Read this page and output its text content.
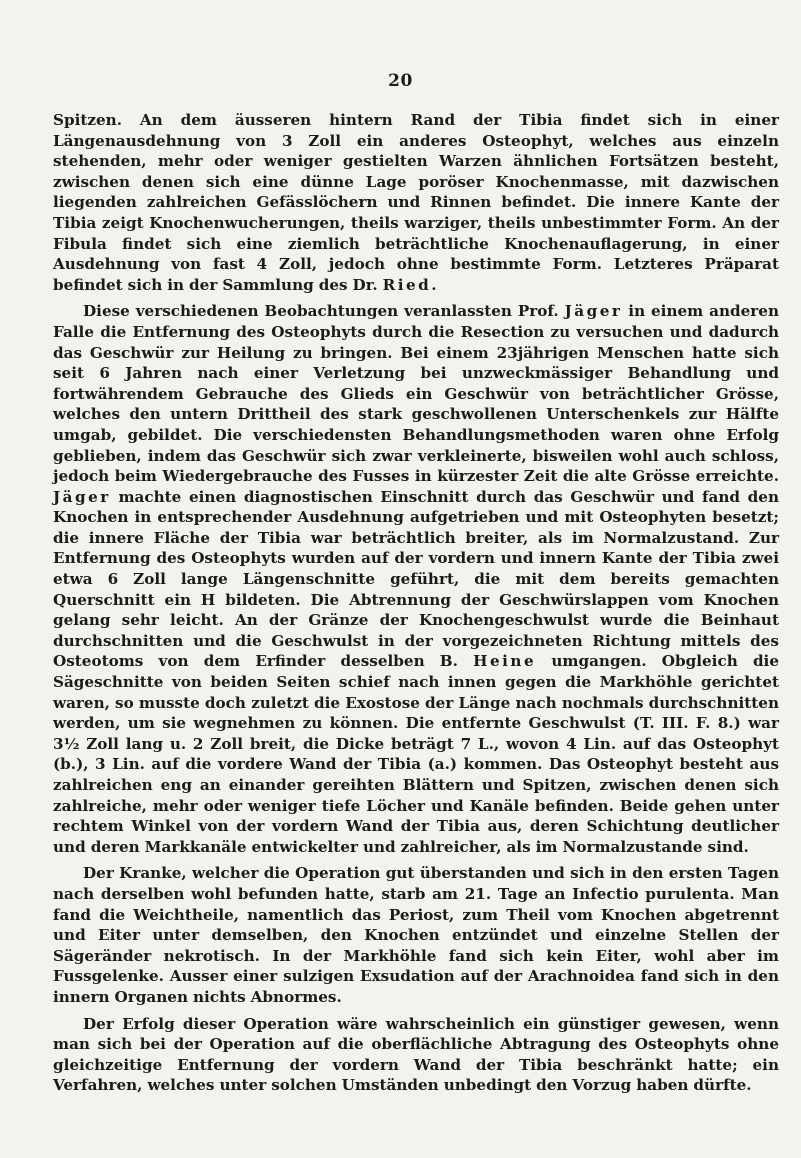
20

Spitzen. An dem äusseren hintern Rand der Tibia findet sich in einer Längenausdehnung von 3 Zoll ein anderes Osteophyt, welches aus einzeln stehenden, mehr oder weniger gestielten Warzen ähnlichen Fortsätzen besteht, zwischen denen sich eine dünne Lage poröser Knochenmasse, mit dazwischen liegenden zahlreichen Gefässlöchern und Rinnen befindet. Die innere Kante der Tibia zeigt Knochenwucherungen, theils warziger, theils unbestimmter Form. An der Fibula findet sich eine ziemlich beträchtliche Knochenauflagerung, in einer Ausdehnung von fast 4 Zoll, jedoch ohne bestimmte Form. Letzteres Präparat befindet sich in der Sammlung des Dr. Ried.

Diese verschiedenen Beobachtungen veranlassten Prof. Jäger in einem anderen Falle die Entfernung des Osteophyts durch die Resection zu versuchen und dadurch das Geschwür zur Heilung zu bringen. Bei einem 23jährigen Menschen hatte sich seit 6 Jahren nach einer Verletzung bei unzweckmässiger Behandlung und fortwährendem Gebrauche des Glieds ein Geschwür von beträchtlicher Grösse, welches den untern Drittheil des stark geschwollenen Unterschenkels zur Hälfte umgab, gebildet. Die verschiedensten Behandlungsmethoden waren ohne Erfolg geblieben, indem das Geschwür sich zwar verkleinerte, bisweilen wohl auch schloss, jedoch beim Wiedergebrauche des Fusses in kürzester Zeit die alte Grösse erreichte. Jäger machte einen diagnostischen Einschnitt durch das Geschwür und fand den Knochen in entsprechender Ausdehnung aufgetrieben und mit Osteophyten besetzt; die innere Fläche der Tibia war beträchtlich breiter, als im Normalzustand. Zur Entfernung des Osteophyts wurden auf der vordern und innern Kante der Tibia zwei etwa 6 Zoll lange Längenschnitte geführt, die mit dem bereits gemachten Querschnitt ein H bildeten. Die Abtrennung der Geschwürslappen vom Knochen gelang sehr leicht. An der Gränze der Knochengeschwulst wurde die Beinhaut durchschnitten und die Geschwulst in der vorgezeichneten Richtung mittels des Osteotoms von dem Erfinder desselben B. Heine umgangen. Obgleich die Sägeschnitte von beiden Seiten schief nach innen gegen die Markhöhle gerichtet waren, so musste doch zuletzt die Exostose der Länge nach nochmals durchschnitten werden, um sie wegnehmen zu können. Die entfernte Geschwulst (T. III. F. 8.) war 3½ Zoll lang u. 2 Zoll breit, die Dicke beträgt 7 L., wovon 4 Lin. auf das Osteophyt (b.), 3 Lin. auf die vordere Wand der Tibia (a.) kommen. Das Osteophyt besteht aus zahlreichen eng an einander gereihten Blättern und Spitzen, zwischen denen sich zahlreiche, mehr oder weniger tiefe Löcher und Kanäle befinden. Beide gehen unter rechtem Winkel von der vordern Wand der Tibia aus, deren Schichtung deutlicher und deren Markkanäle entwickelter und zahlreicher, als im Normalzustande sind.

Der Kranke, welcher die Operation gut überstanden und sich in den ersten Tagen nach derselben wohl befunden hatte, starb am 21. Tage an Infectio purulenta. Man fand die Weichtheile, namentlich das Periost, zum Theil vom Knochen abgetrennt und Eiter unter demselben, den Knochen entzündet und einzelne Stellen der Sägeränder nekrotisch. In der Markhöhle fand sich kein Eiter, wohl aber im Fussgelenke. Ausser einer sulzigen Exsudation auf der Arachnoidea fand sich in den innern Organen nichts Abnormes.

Der Erfolg dieser Operation wäre wahrscheinlich ein günstiger gewesen, wenn man sich bei der Operation auf die oberflächliche Abtragung des Osteophyts ohne gleichzeitige Entfernung der vordern Wand der Tibia beschränkt hatte; ein Verfahren, welches unter solchen Umständen unbedingt den Vorzug haben dürfte.
